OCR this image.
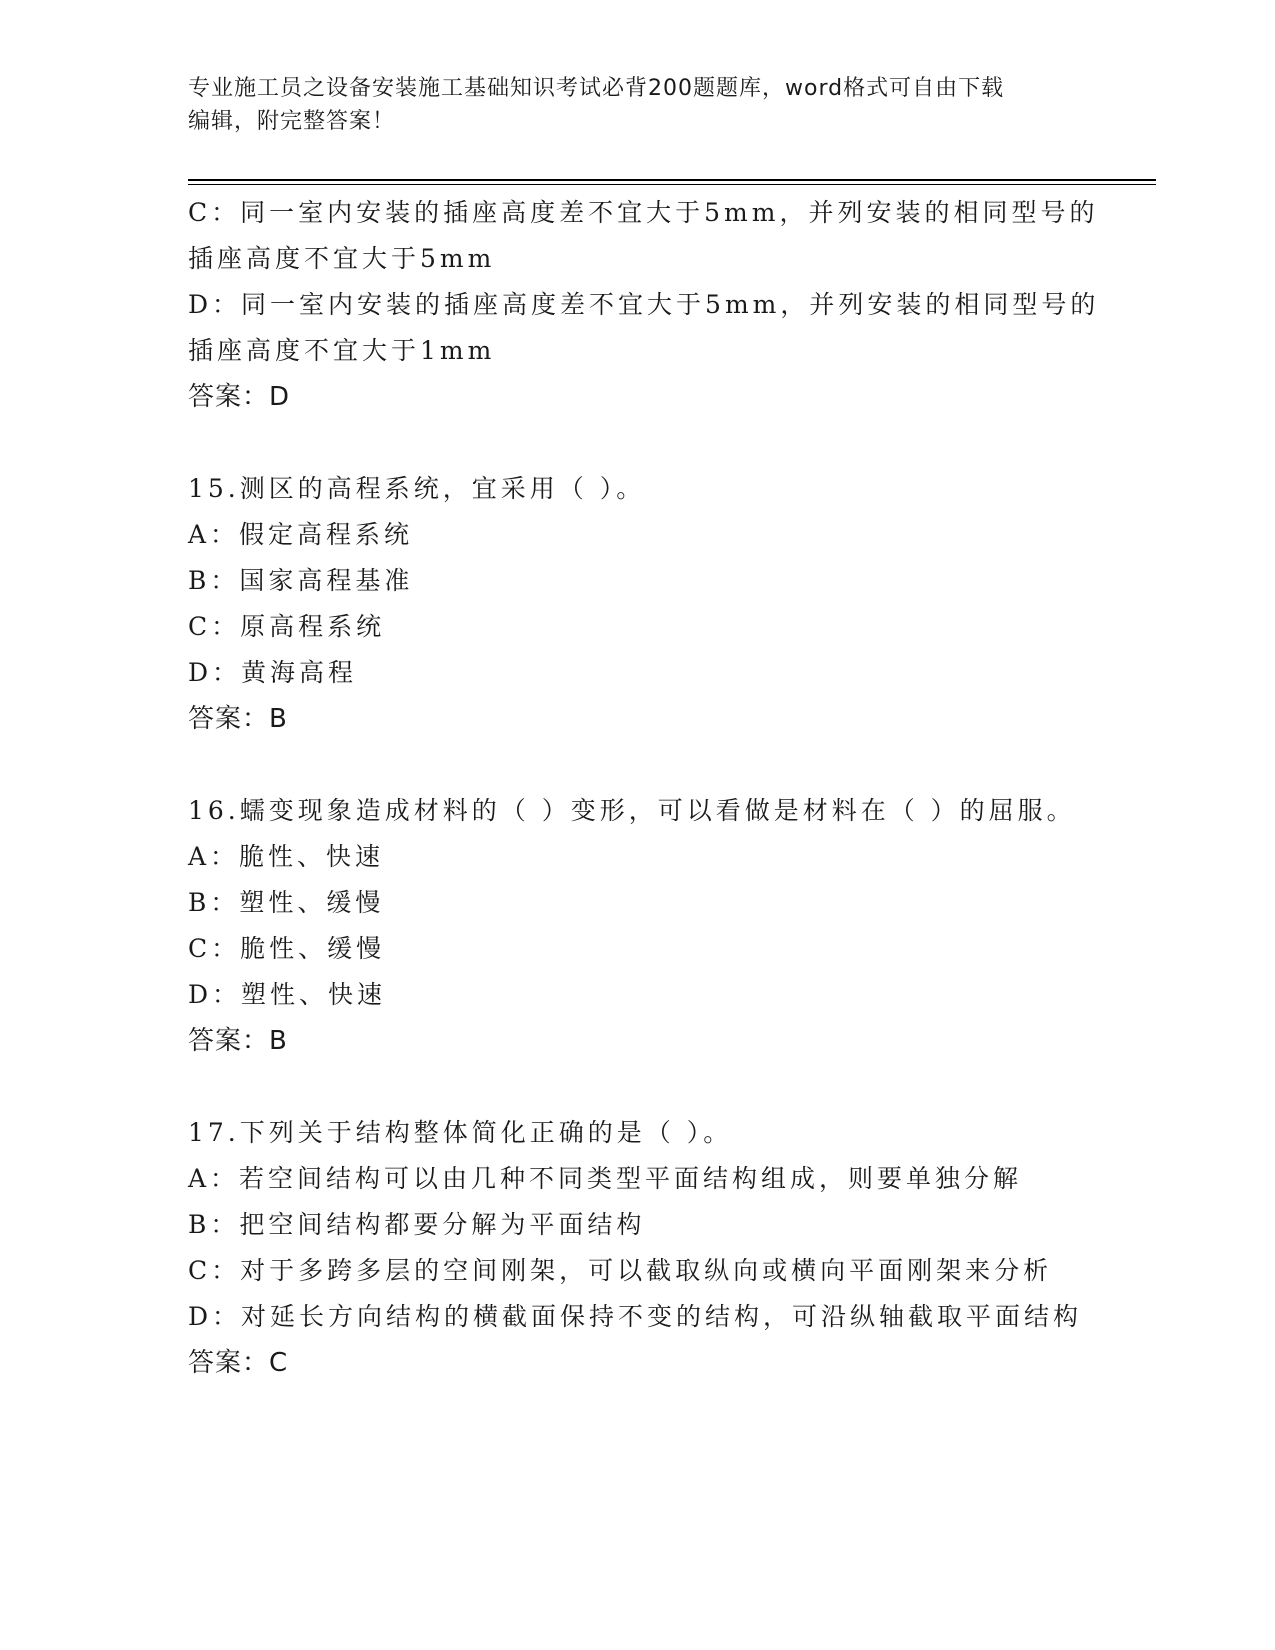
专业施工员之设备安装施工基础知识考试必背200题题库，word格式可自由下载
编辑，附完整答案！
C：同一室内安装的插座高度差不宜大于5mm，并列安装的相同型号的
插座高度不宜大于5mm
D：同一室内安装的插座高度差不宜大于5mm，并列安装的相同型号的
插座高度不宜大于1mm
答案：D
15.测区的高程系统，宜采用（ ）。
A：假定高程系统
B：国家高程基准
C：原高程系统
D：黄海高程
答案：B
16.蠕变现象造成材料的（ ）变形，可以看做是材料在（ ）的屈服。
A：脆性、快速
B：塑性、缓慢
C：脆性、缓慢
D：塑性、快速
答案：B
17.下列关于结构整体简化正确的是（ ）。
A：若空间结构可以由几种不同类型平面结构组成，则要单独分解
B：把空间结构都要分解为平面结构
C：对于多跨多层的空间刚架，可以截取纵向或横向平面刚架来分析
D：对延长方向结构的横截面保持不变的结构，可沿纵轴截取平面结构
答案：C
